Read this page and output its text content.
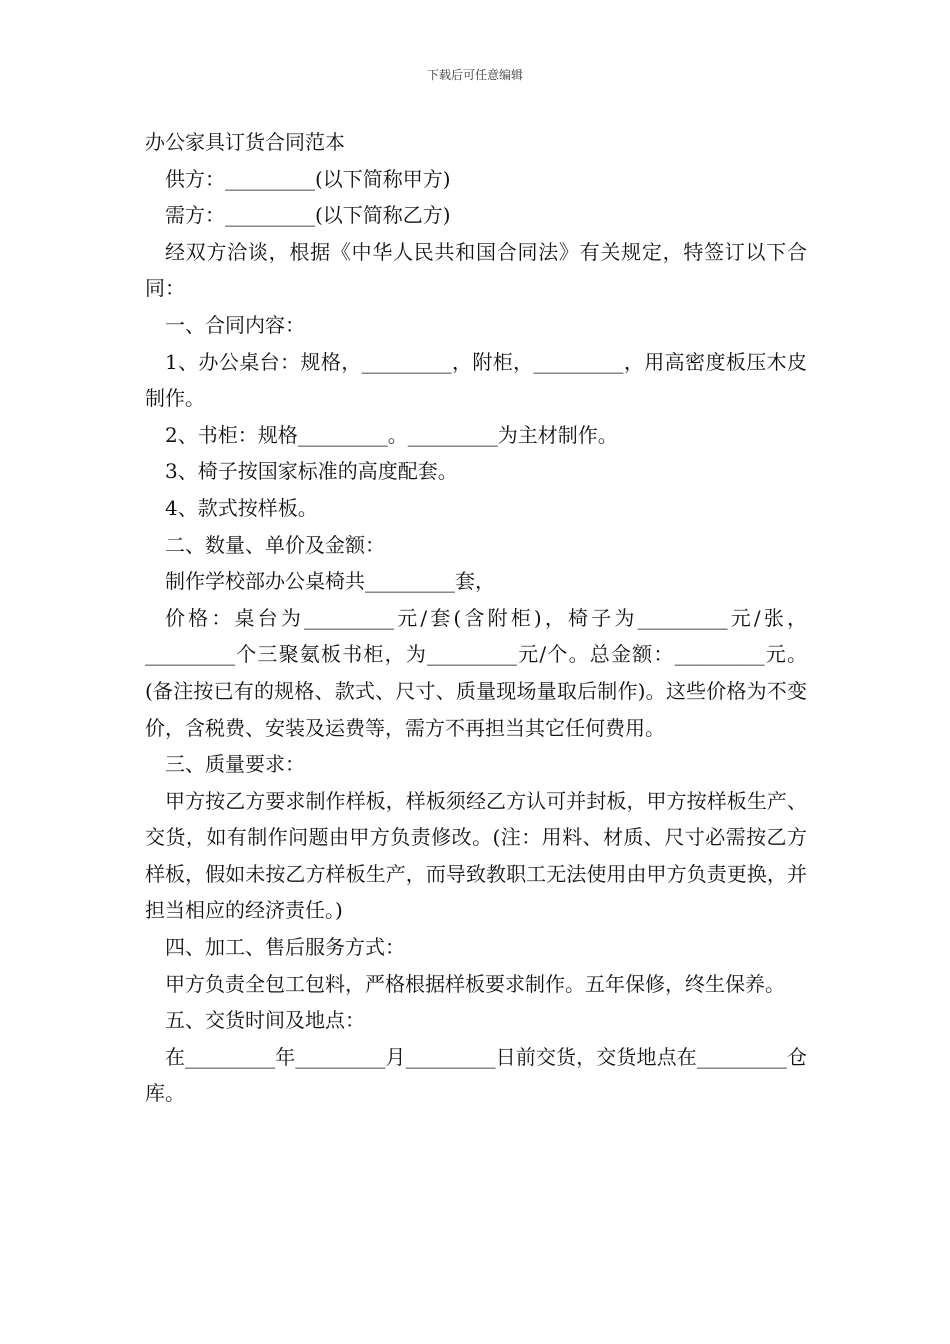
下载后可任意编辑

办公家具订货合同范本

供方：_________(以下简称甲方)

需方：_________(以下简称乙方)

经双方洽谈，根据《中华人民共和国合同法》有关规定，特签订以下合同：

一、合同内容：

1、办公桌台：规格，_________，附柜，_________，用高密度板压木皮制作。

2、书柜：规格_________。_________为主材制作。

3、椅子按国家标准的高度配套。

4、款式按样板。

二、数量、单价及金额：

制作学校部办公桌椅共_________套，

价格：桌台为_________元/套(含附柜)，椅子为_________元/张，_________个三聚氨板书柜，为_________元/个。总金额：_________元。(备注按已有的规格、款式、尺寸、质量现场量取后制作)。这些价格为不变价，含税费、安装及运费等，需方不再担当其它任何费用。

三、质量要求：

甲方按乙方要求制作样板，样板须经乙方认可并封板，甲方按样板生产、交货，如有制作问题由甲方负责修改。(注：用料、材质、尺寸必需按乙方样板，假如未按乙方样板生产，而导致教职工无法使用由甲方负责更换，并担当相应的经济责任。)

四、加工、售后服务方式：

甲方负责全包工包料，严格根据样板要求制作。五年保修，终生保养。

五、交货时间及地点：

在_________年_________月_________日前交货，交货地点在_________仓库。
